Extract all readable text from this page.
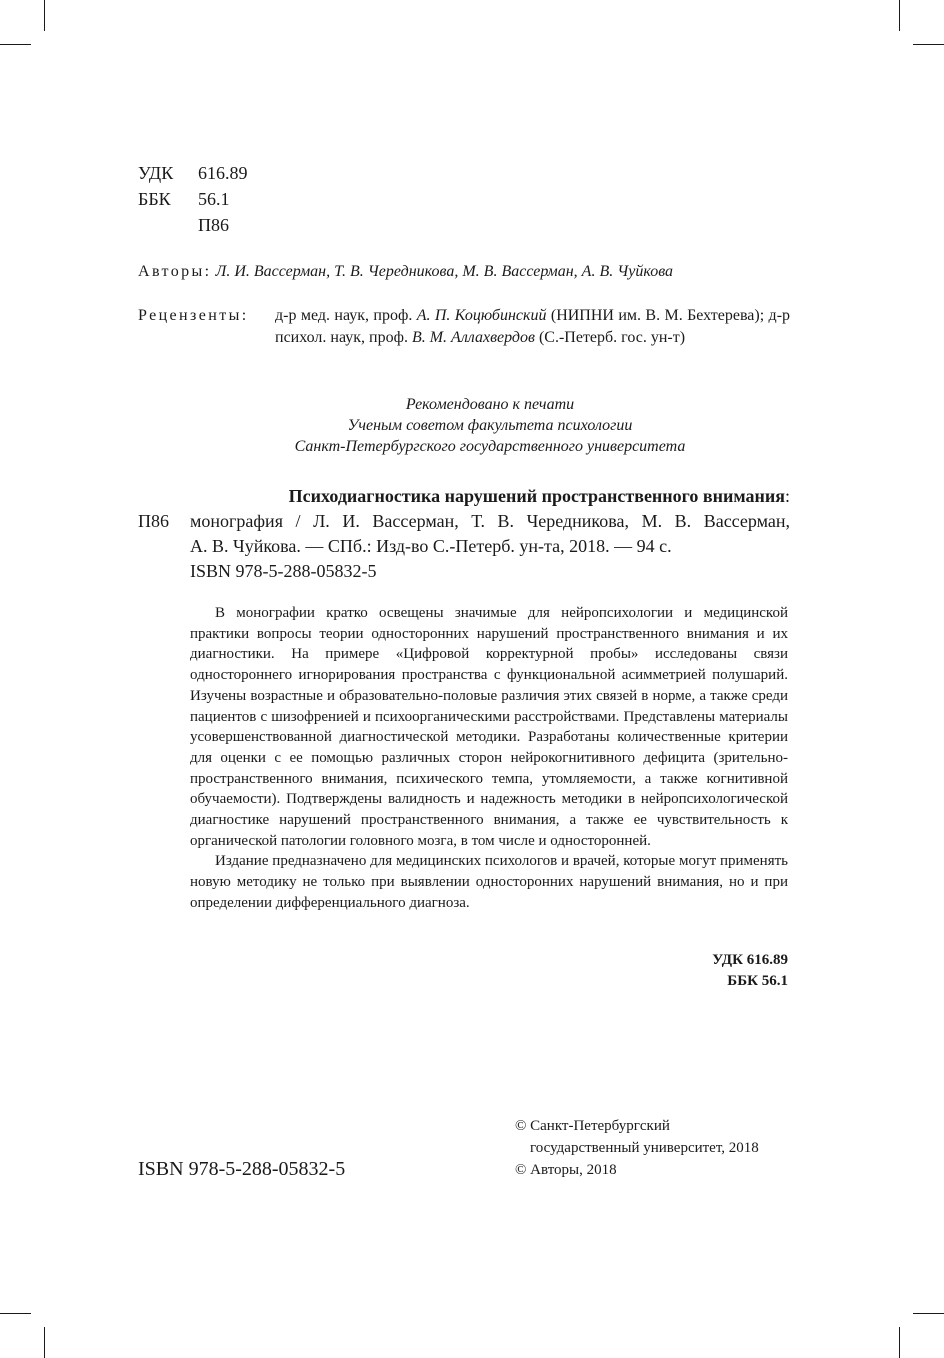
УДК	616.89
ББК	56.1
П86
Авторы: Л. И. Вассерман, Т. В. Чередникова, М. В. Вассерман, А. В. Чуйкова
Рецензенты: д-р мед. наук, проф. А. П. Коцюбинский (НИПНИ им. В. М. Бехтерева); д-р психол. наук, проф. В. М. Аллахвердов (С.-Петерб. гос. ун-т)
Рекомендовано к печати
Ученым советом факультета психологии
Санкт-Петербургского государственного университета
Психодиагностика нарушений пространственного внимания:
П86 монография / Л. И. Вассерман, Т. В. Чередникова, М. В. Вассерман,
А. В. Чуйкова. — СПб.: Изд-во С.-Петерб. ун-та, 2018. — 94 с.
ISBN 978-5-288-05832-5

В монографии кратко освещены значимые для нейропсихологии и медицинской практики вопросы теории односторонних нарушений пространственного внимания и их диагностики. На примере «Цифровой корректурной пробы» исследованы связи одностороннего игнорирования пространства с функциональной асимметрией полушарий. Изучены возрастные и образовательно-половые различия этих связей в норме, а также среди пациентов с шизофренией и психоорганическими расстройствами. Представлены материалы усовершенствованной диагностической методики. Разработаны количественные критерии для оценки с ее помощью различных сторон нейрокогнитивного дефицита (зрительно-пространственного внимания, психического темпа, утомляемости, а также когнитивной обучаемости). Подтверждены валидность и надежность методики в нейропсихологической диагностике нарушений пространственного внимания, а также ее чувствительность к органической патологии головного мозга, в том числе и односторонней.

Издание предназначено для медицинских психологов и врачей, которые могут применять новую методику не только при выявлении односторонних нарушений внимания, но и при определении дифференциального диагноза.

УДК 616.89
ББК 56.1
ISBN 978-5-288-05832-5
© Санкт-Петербургский
государственный университет, 2018
© Авторы, 2018
